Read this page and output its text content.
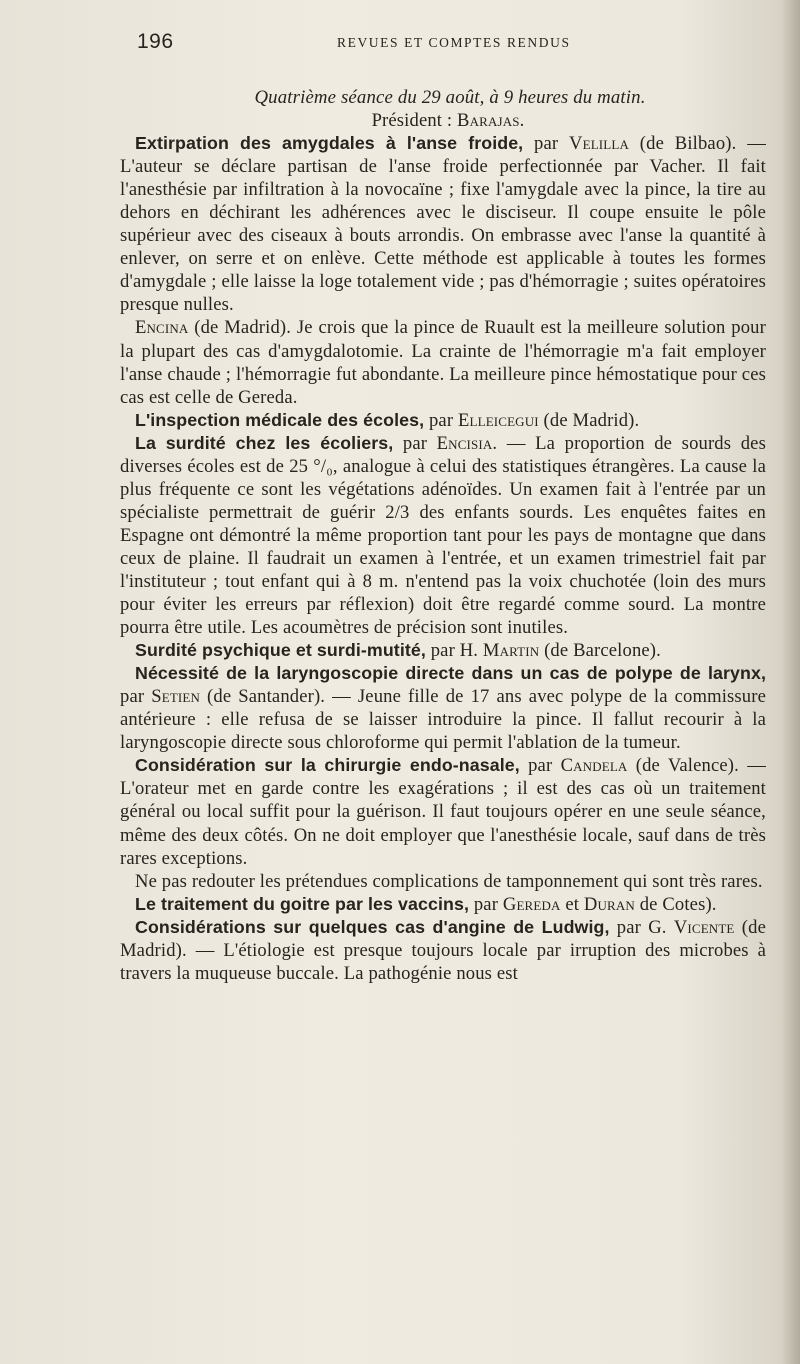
196	REVUES ET COMPTES RENDUS

Quatrième séance du 29 août, à 9 heures du matin.

Président : Barajas.

Extirpation des amygdales à l'anse froide, par Velilla (de Bilbao). — L'auteur se déclare partisan de l'anse froide perfectionnée par Vacher. Il fait l'anesthésie par infiltration à la novocaïne ; fixe l'amygdale avec la pince, la tire au dehors en déchirant les adhérences avec le disciseur. Il coupe ensuite le pôle supérieur avec des ciseaux à bouts arrondis. On embrasse avec l'anse la quantité à enlever, on serre et on enlève. Cette méthode est applicable à toutes les formes d'amygdale ; elle laisse la loge totalement vide ; pas d'hémorragie ; suites opératoires presque nulles.

Encina (de Madrid). Je crois que la pince de Ruault est la meilleure solution pour la plupart des cas d'amygdalotomie. La crainte de l'hémorragie m'a fait employer l'anse chaude ; l'hémorragie fut abondante. La meilleure pince hémostatique pour ces cas est celle de Gereda.

L'inspection médicale des écoles, par Elleicegui (de Madrid).

La surdité chez les écoliers, par Encisia. — La proportion de sourds des diverses écoles est de 25 °/₀, analogue à celui des statistiques étrangères. La cause la plus fréquente ce sont les végétations adénoïdes. Un examen fait à l'entrée par un spécialiste permettrait de guérir 2/3 des enfants sourds. Les enquêtes faites en Espagne ont démontré la même proportion tant pour les pays de montagne que dans ceux de plaine. Il faudrait un examen à l'entrée, et un examen trimestriel fait par l'instituteur ; tout enfant qui à 8 m. n'entend pas la voix chuchotée (loin des murs pour éviter les erreurs par réflexion) doit être regardé comme sourd. La montre pourra être utile. Les acoumètres de précision sont inutiles.

Surdité psychique et surdi-mutité, par H. Martin (de Barcelone).

Nécessité de la laryngoscopie directe dans un cas de polype de larynx, par Setien (de Santander). — Jeune fille de 17 ans avec polype de la commissure antérieure : elle refusa de se laisser introduire la pince. Il fallut recourir à la laryngoscopie directe sous chloroforme qui permit l'ablation de la tumeur.

Considération sur la chirurgie endo-nasale, par Candela (de Valence). — L'orateur met en garde contre les exagérations ; il est des cas où un traitement général ou local suffit pour la guérison. Il faut toujours opérer en une seule séance, même des deux côtés. On ne doit employer que l'anesthésie locale, sauf dans de très rares exceptions.

Ne pas redouter les prétendues complications de tamponnement qui sont très rares.

Le traitement du goitre par les vaccins, par Gereda et Duran de Cotes).

Considérations sur quelques cas d'angine de Ludwig, par G. Vicente (de Madrid). — L'étiologie est presque toujours locale par irruption des microbes à travers la muqueuse buccale. La pathogénie nous est
